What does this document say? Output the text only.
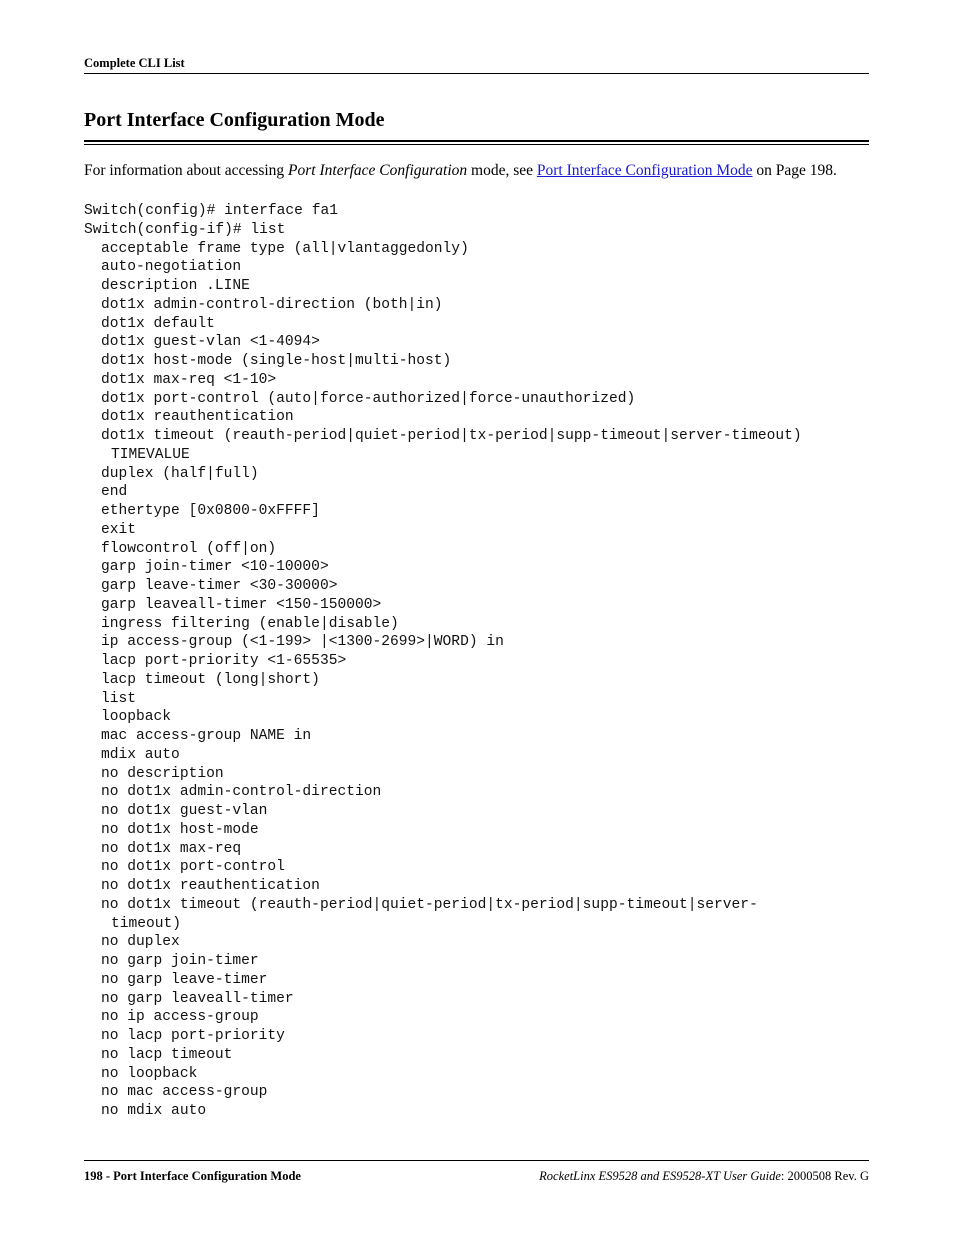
Complete CLI List
Port Interface Configuration Mode

For information about accessing Port Interface Configuration mode, see Port Interface Configuration Mode on Page 198.

Switch(config)# interface fa1
Switch(config-if)# list
acceptable frame type (all|vlantaggedonly)
auto-negotiation
description .LINE
dot1x admin-control-direction (both|in)
dot1x default
dot1x guest-vlan <1-4094>
dot1x host-mode (single-host|multi-host)
dot1x max-req <1-10>
dot1x port-control (auto|force-authorized|force-unauthorized)
dot1x reauthentication
dot1x timeout (reauth-period|quiet-period|tx-period|supp-timeout|server-timeout)
TIMEVALUE
duplex (half|full)
end
ethertype [0x0800-0xFFFF]
exit
flowcontrol (off|on)
garp join-timer <10-10000>
garp leave-timer <30-30000>
garp leaveall-timer <150-150000>
ingress filtering (enable|disable)
ip access-group (<1-199> |<1300-2699>|WORD) in
lacp port-priority <1-65535>
lacp timeout (long|short)
list
loopback
mac access-group NAME in
mdix auto
no description
no dot1x admin-control-direction
no dot1x guest-vlan
no dot1x host-mode
no dot1x max-req
no dot1x port-control
no dot1x reauthentication
no dot1x timeout (reauth-period|quiet-period|tx-period|supp-timeout|server-
timeout)
no duplex
no garp join-timer
no garp leave-timer
no garp leaveall-timer
no ip access-group
no lacp port-priority
no lacp timeout
no loopback
no mac access-group
no mdix auto
198 - Port Interface Configuration Mode	RocketLinx ES9528 and ES9528-XT User Guide: 2000508 Rev. G
